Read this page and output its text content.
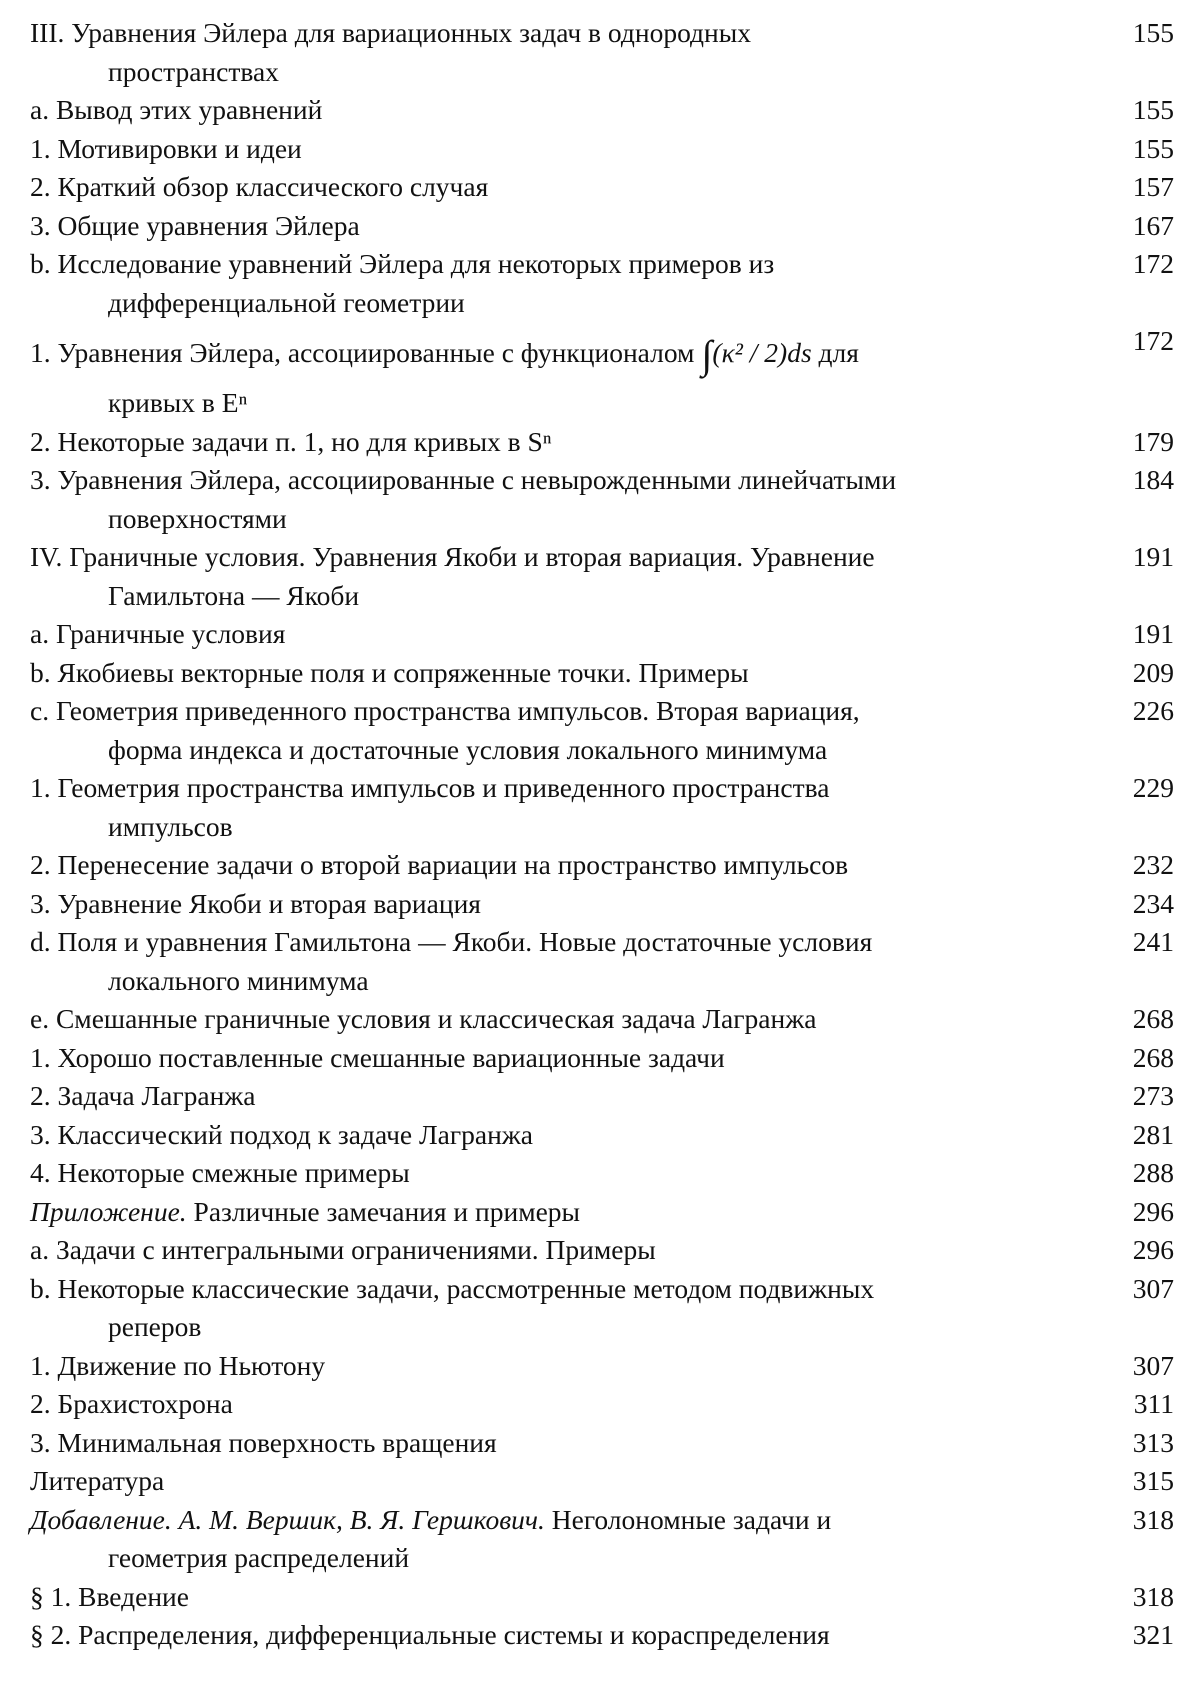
III. Уравнения Эйлера для вариационных задач в однородных
пространствах
155
a. Вывод этих уравнений	155
1. Мотивировки и идеи	155
2. Краткий обзор классического случая	157
3. Общие уравнения Эйлера	167
b. Исследование уравнений Эйлера для некоторых примеров из
дифференциальной геометрии
172
1. Уравнения Эйлера, ассоциированные с функционалом ∫(κ² / 2)ds для
кривых в Eⁿ
172
2. Некоторые задачи п. 1, но для кривых в Sⁿ	179
3. Уравнения Эйлера, ассоциированные с невырожденными линейчатыми
поверхностями
184
IV. Граничные условия. Уравнения Якоби и вторая вариация. Уравнение
Гамильтона — Якоби
191
a. Граничные условия	191
b. Якобиевы векторные поля и сопряженные точки. Примеры	209
c. Геометрия приведенного пространства импульсов. Вторая вариация,
форма индекса и достаточные условия локального минимума
226
1. Геометрия пространства импульсов и приведенного пространства
импульсов
229
2. Перенесение задачи о второй вариации на пространство импульсов	232
3. Уравнение Якоби и вторая вариация	234
d. Поля и уравнения Гамильтона — Якоби. Новые достаточные условия
локального минимума
241
e. Смешанные граничные условия и классическая задача Лагранжа	268
1. Хорошо поставленные смешанные вариационные задачи	268
2. Задача Лагранжа	273
3. Классический подход к задаче Лагранжа	281
4. Некоторые смежные примеры	288
Приложение. Различные замечания и примеры	296
a. Задачи с интегральными ограничениями. Примеры	296
b. Некоторые классические задачи, рассмотренные методом подвижных
реперов
307
1. Движение по Ньютону	307
2. Брахистохрона	311
3. Минимальная поверхность вращения	313
Литература	315
Добавление. А. М. Вершик, В. Я. Гершкович. Неголономные задачи и
геометрия распределений
318
§ 1. Введение	318
§ 2. Распределения, дифференциальные системы и кораспределения	321
